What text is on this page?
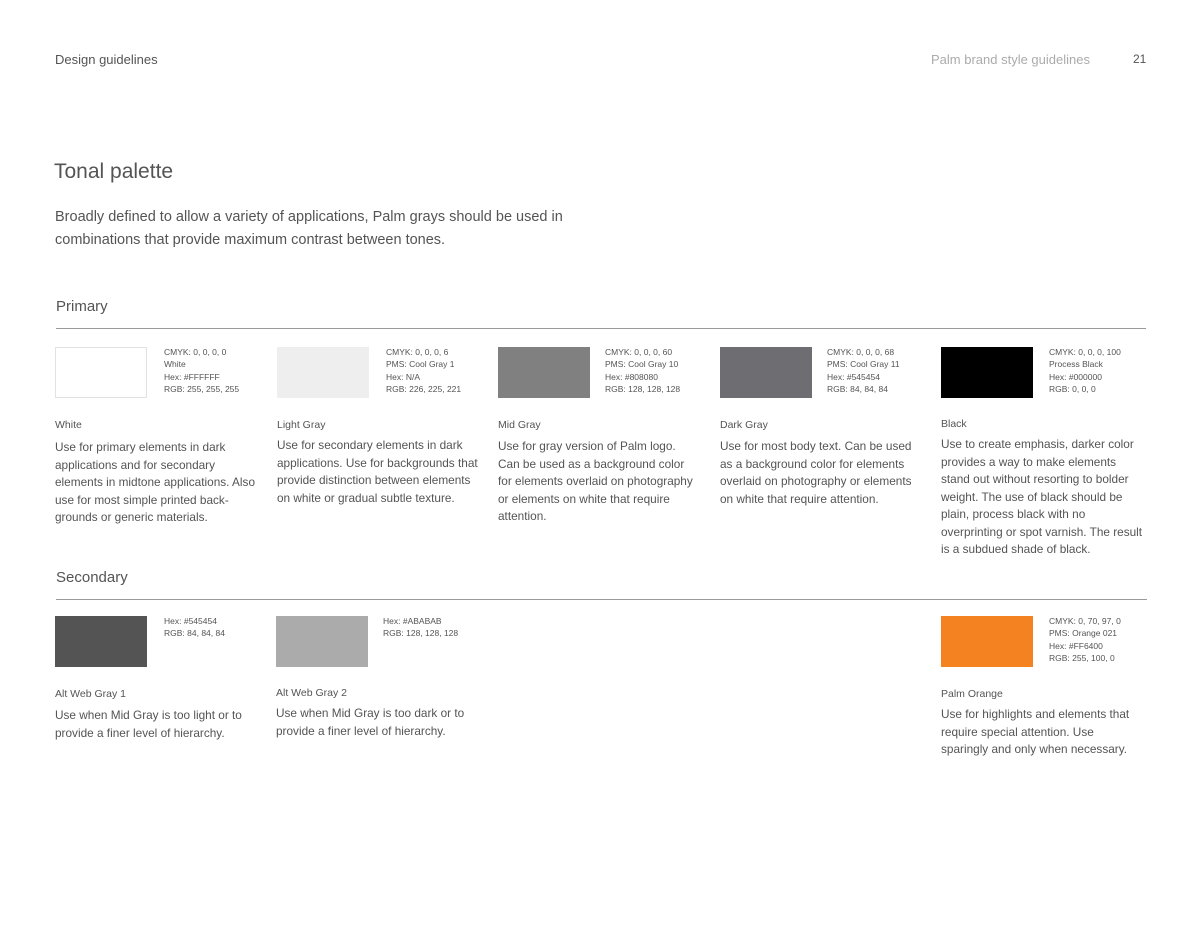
Design guidelines	Palm brand style guidelines	21
Tonal palette
Broadly defined to allow a variety of applications, Palm grays should be used in combinations that provide maximum contrast between tones.
Primary
CMYK: 0, 0, 0, 0
White
Hex: #FFFFFF
RGB: 255, 255, 255
White
Use for primary elements in dark applications and for secondary elements in midtone applications. Also use for most simple printed back-grounds or generic materials.
CMYK: 0, 0, 0, 6
PMS: Cool Gray 1
Hex: N/A
RGB: 226, 225, 221
Light Gray
Use for secondary elements in dark applications. Use for backgrounds that provide distinction between elements on white or gradual subtle texture.
CMYK: 0, 0, 0, 60
PMS: Cool Gray 10
Hex: #808080
RGB: 128, 128, 128
Mid Gray
Use for gray version of Palm logo. Can be used as a background color for elements overlaid on photography or elements on white that require attention.
CMYK: 0, 0, 0, 68
PMS: Cool Gray 11
Hex: #545454
RGB: 84, 84, 84
Dark Gray
Use for most body text. Can be used as a background color for elements overlaid on photography or elements on white that require attention.
CMYK: 0, 0, 0, 100
Process Black
Hex: #000000
RGB: 0, 0, 0
Black
Use to create emphasis, darker color provides a way to make elements stand out without resorting to bolder weight. The use of black should be plain, process black with no overprinting or spot varnish. The result is a subdued shade of black.
Secondary
Hex: #545454
RGB: 84, 84, 84
Alt Web Gray 1
Use when Mid Gray is too light or to provide a finer level of hierarchy.
Hex: #ABABAB
RGB: 128, 128, 128
Alt Web Gray 2
Use when Mid Gray is too dark or to provide a finer level of hierarchy.
CMYK: 0, 70, 97, 0
PMS: Orange 021
Hex: #FF6400
RGB: 255, 100, 0
Palm Orange
Use for highlights and elements that require special attention. Use sparingly and only when necessary.
